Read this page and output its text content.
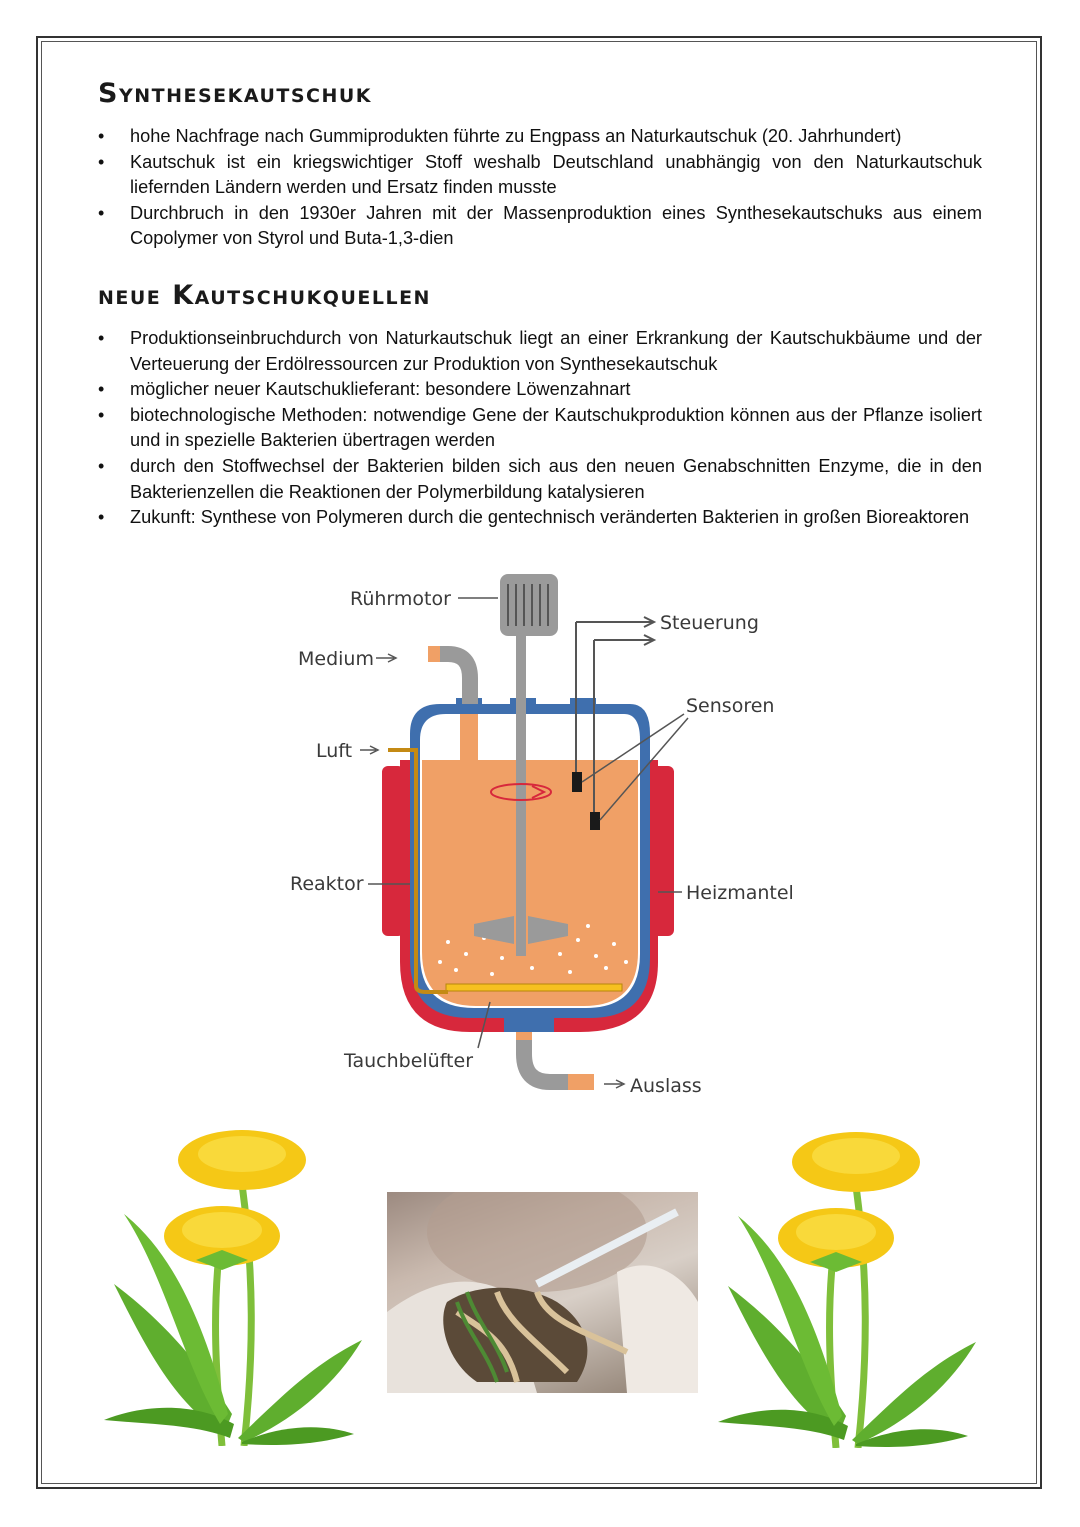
Synthesekautschuk
• hohe Nachfrage nach Gummiprodukten führte zu Engpass an Naturkautschuk (20. Jahrhundert)
• Kautschuk ist ein kriegswichtiger Stoff weshalb Deutschland unabhängig von den Naturkautschuk liefernden Ländern werden und Ersatz finden musste
• Durchbruch in den 1930er Jahren mit der Massenproduktion eines Synthesekautschuks aus einem Copolymer von Styrol und Buta-1,3-dien
neue Kautschukquellen
• Produktionseinbruchdurch von Naturkautschuk liegt an einer Erkrankung der Kautschukbäume und der Verteuerung der Erdölressourcen zur Produktion von Synthesekautschuk
• möglicher neuer Kautschuklieferant: besondere Löwenzahnart
• biotechnologische Methoden: notwendige Gene der Kautschukproduktion können aus der Pflanze isoliert und in spezielle Bakterien übertragen werden
• durch den Stoffwechsel der Bakterien bilden sich aus den neuen Genabschnitten Enzyme, die in den Bakterienzellen die Reaktionen der Polymerbildung katalysieren
• Zukunft: Synthese von Polymeren durch die gentechnisch veränderten Bakterien in großen Bioreaktoren
Rührmotor
Steuerung
Medium
Sensoren
Luft
Reaktor	Heizmantel
Tauchbelüfter
Auslass
